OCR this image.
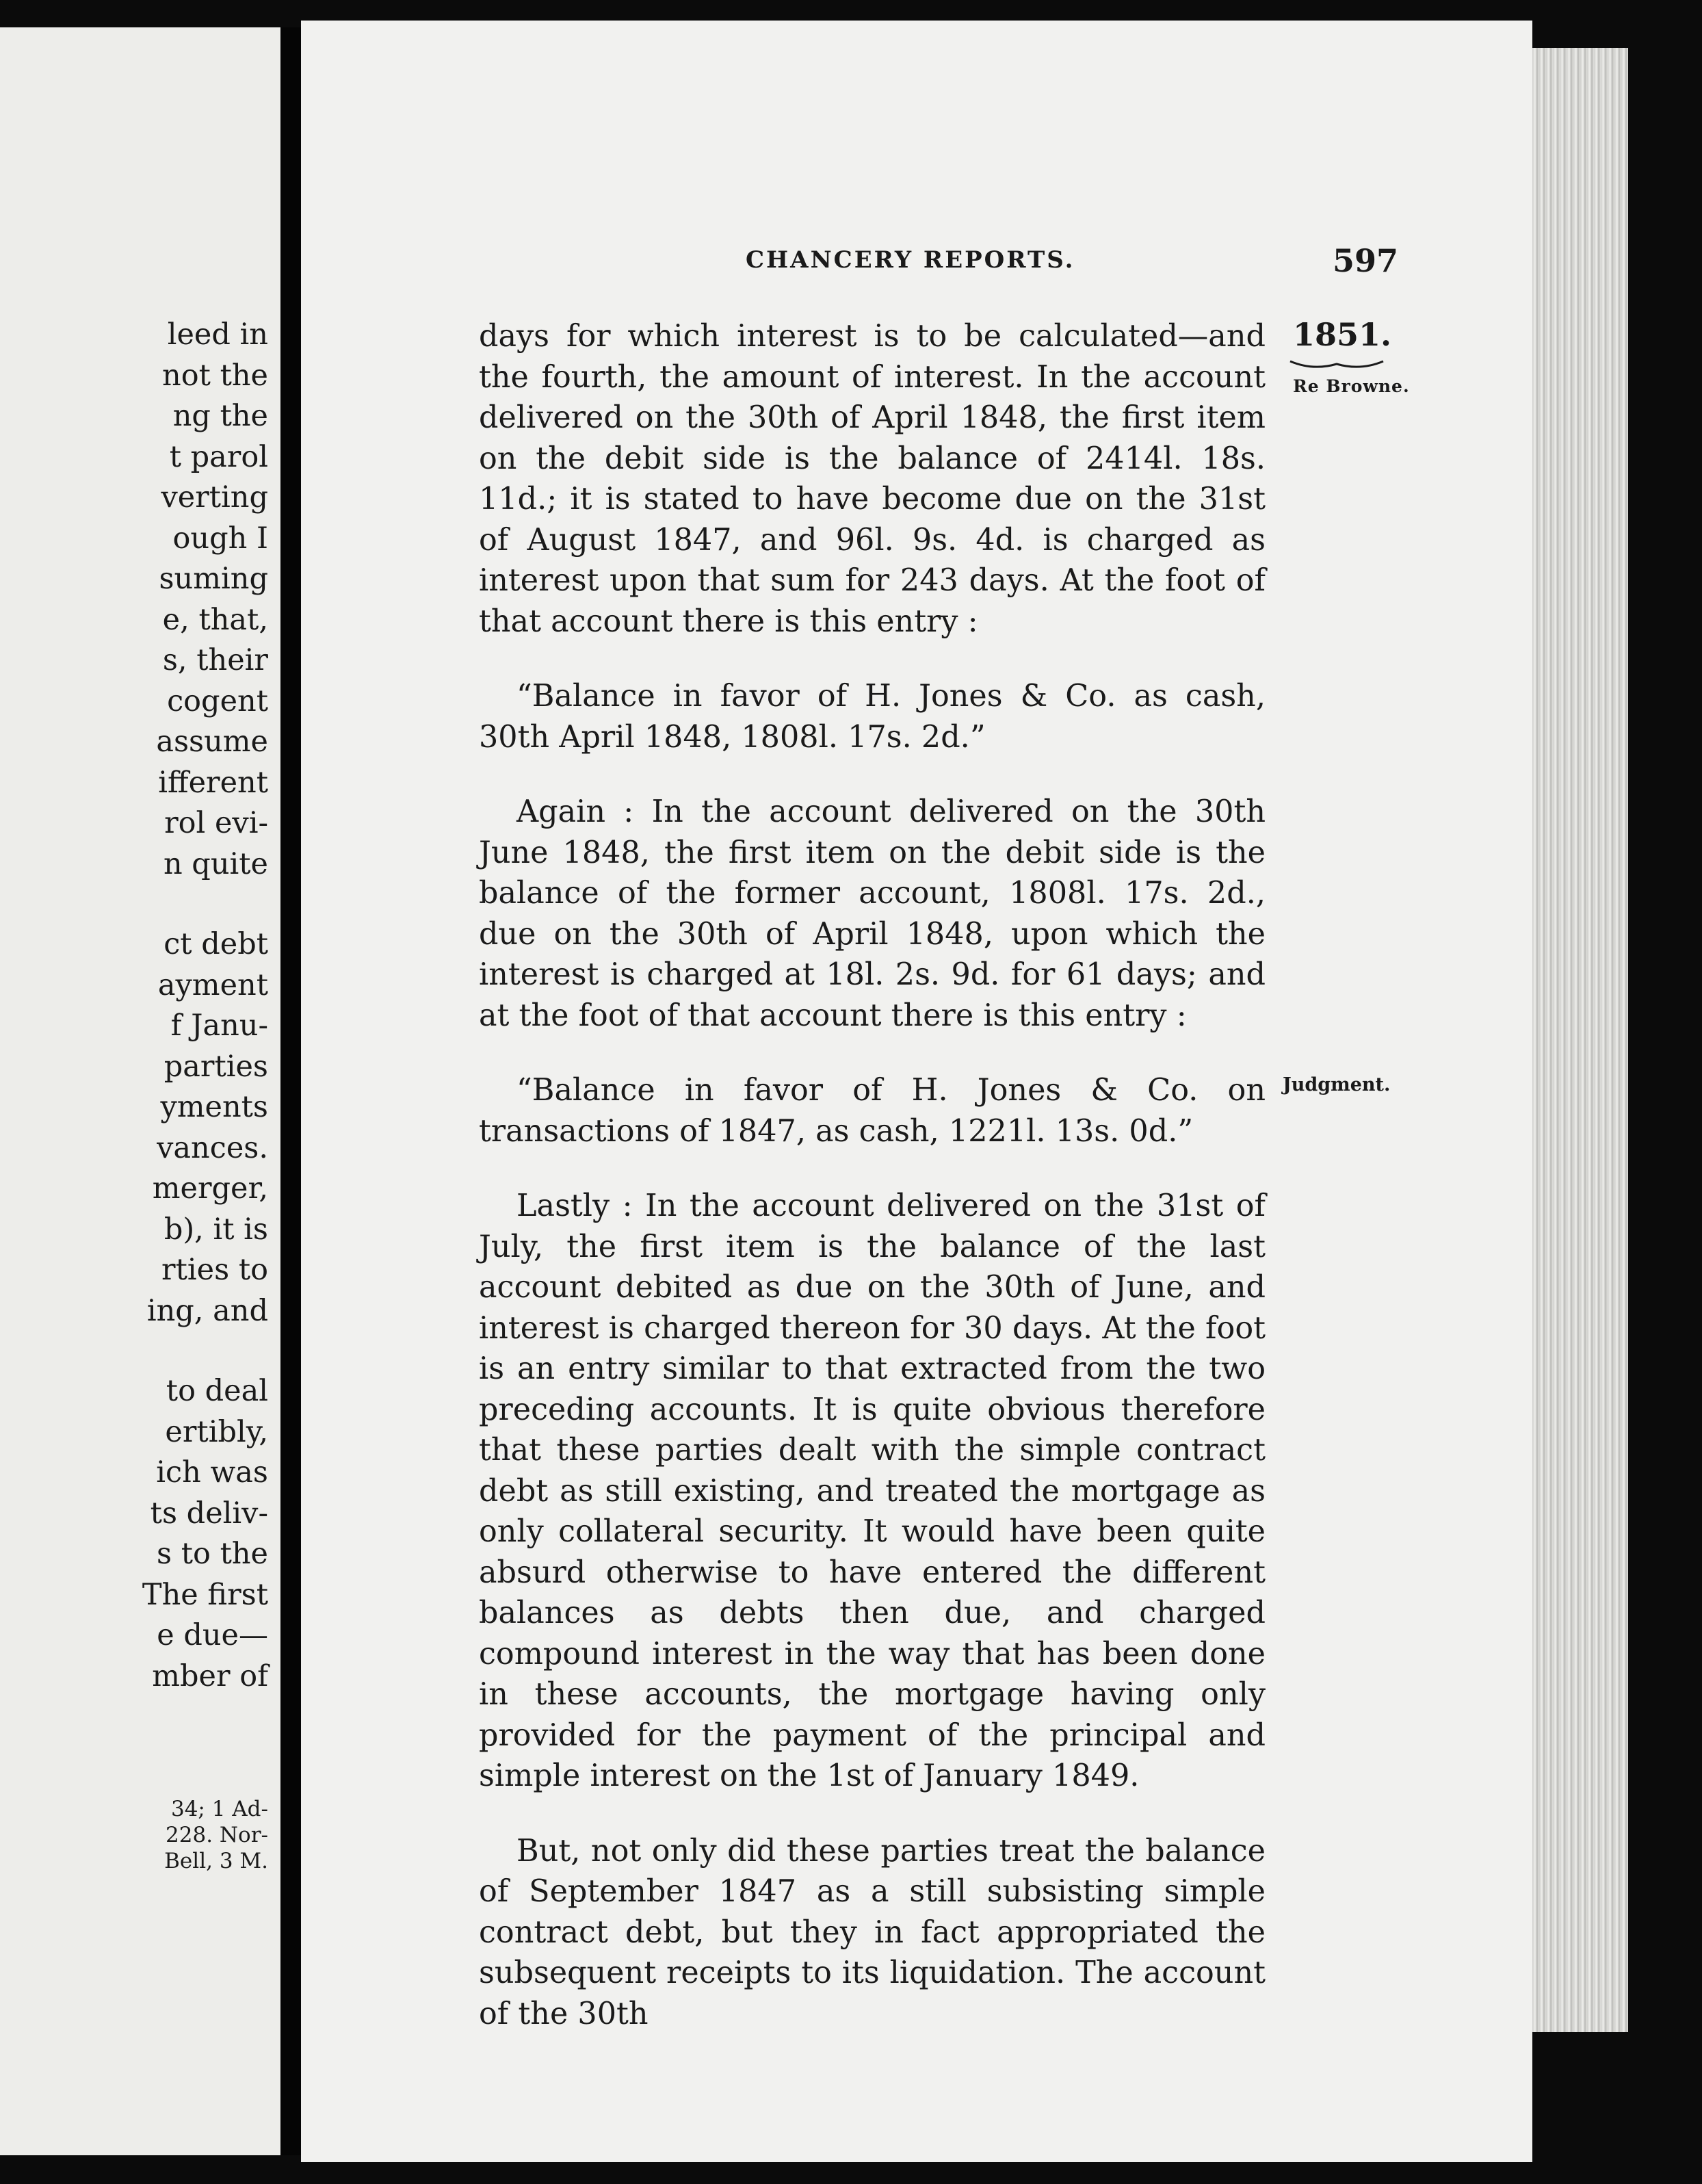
leed in
not the
ng the
t parol
verting
ough I
suming
e, that,
s, their
cogent
assume
ifferent
rol evi-
n quite
ct debt
ayment
f Janu-
parties
yments
vances.
merger,
b), it is
rties to
ing, and
to deal
ertibly,
ich was
ts deliv-
s to the
The first
e due—
mber of
34; 1 Ad-
228. Nor-
Bell, 3 M.
CHANCERY REPORTS.	597
1851.
Re Browne.
Judgment.

days for which interest is to be calculated—and the fourth, the amount of interest. In the account delivered on the 30th of April 1848, the first item on the debit side is the balance of 2414l. 18s. 11d.; it is stated to have become due on the 31st of August 1847, and 96l. 9s. 4d. is charged as interest upon that sum for 243 days. At the foot of that account there is this entry :

“Balance in favor of H. Jones & Co. as cash, 30th April 1848, 1808l. 17s. 2d.”

Again : In the account delivered on the 30th June 1848, the first item on the debit side is the balance of the former account, 1808l. 17s. 2d., due on the 30th of April 1848, upon which the interest is charged at 18l. 2s. 9d. for 61 days; and at the foot of that account there is this entry :

“Balance in favor of H. Jones & Co. on transactions of 1847, as cash, 1221l. 13s. 0d.”

Lastly : In the account delivered on the 31st of July, the first item is the balance of the last account debited as due on the 30th of June, and interest is charged thereon for 30 days. At the foot is an entry similar to that extracted from the two preceding accounts. It is quite obvious therefore that these parties dealt with the simple contract debt as still existing, and treated the mortgage as only collateral security. It would have been quite absurd otherwise to have entered the different balances as debts then due, and charged compound interest in the way that has been done in these accounts, the mortgage having only provided for the payment of the principal and simple interest on the 1st of January 1849.

But, not only did these parties treat the balance of September 1847 as a still subsisting simple contract debt, but they in fact appropriated the subsequent receipts to its liquidation. The account of the 30th
